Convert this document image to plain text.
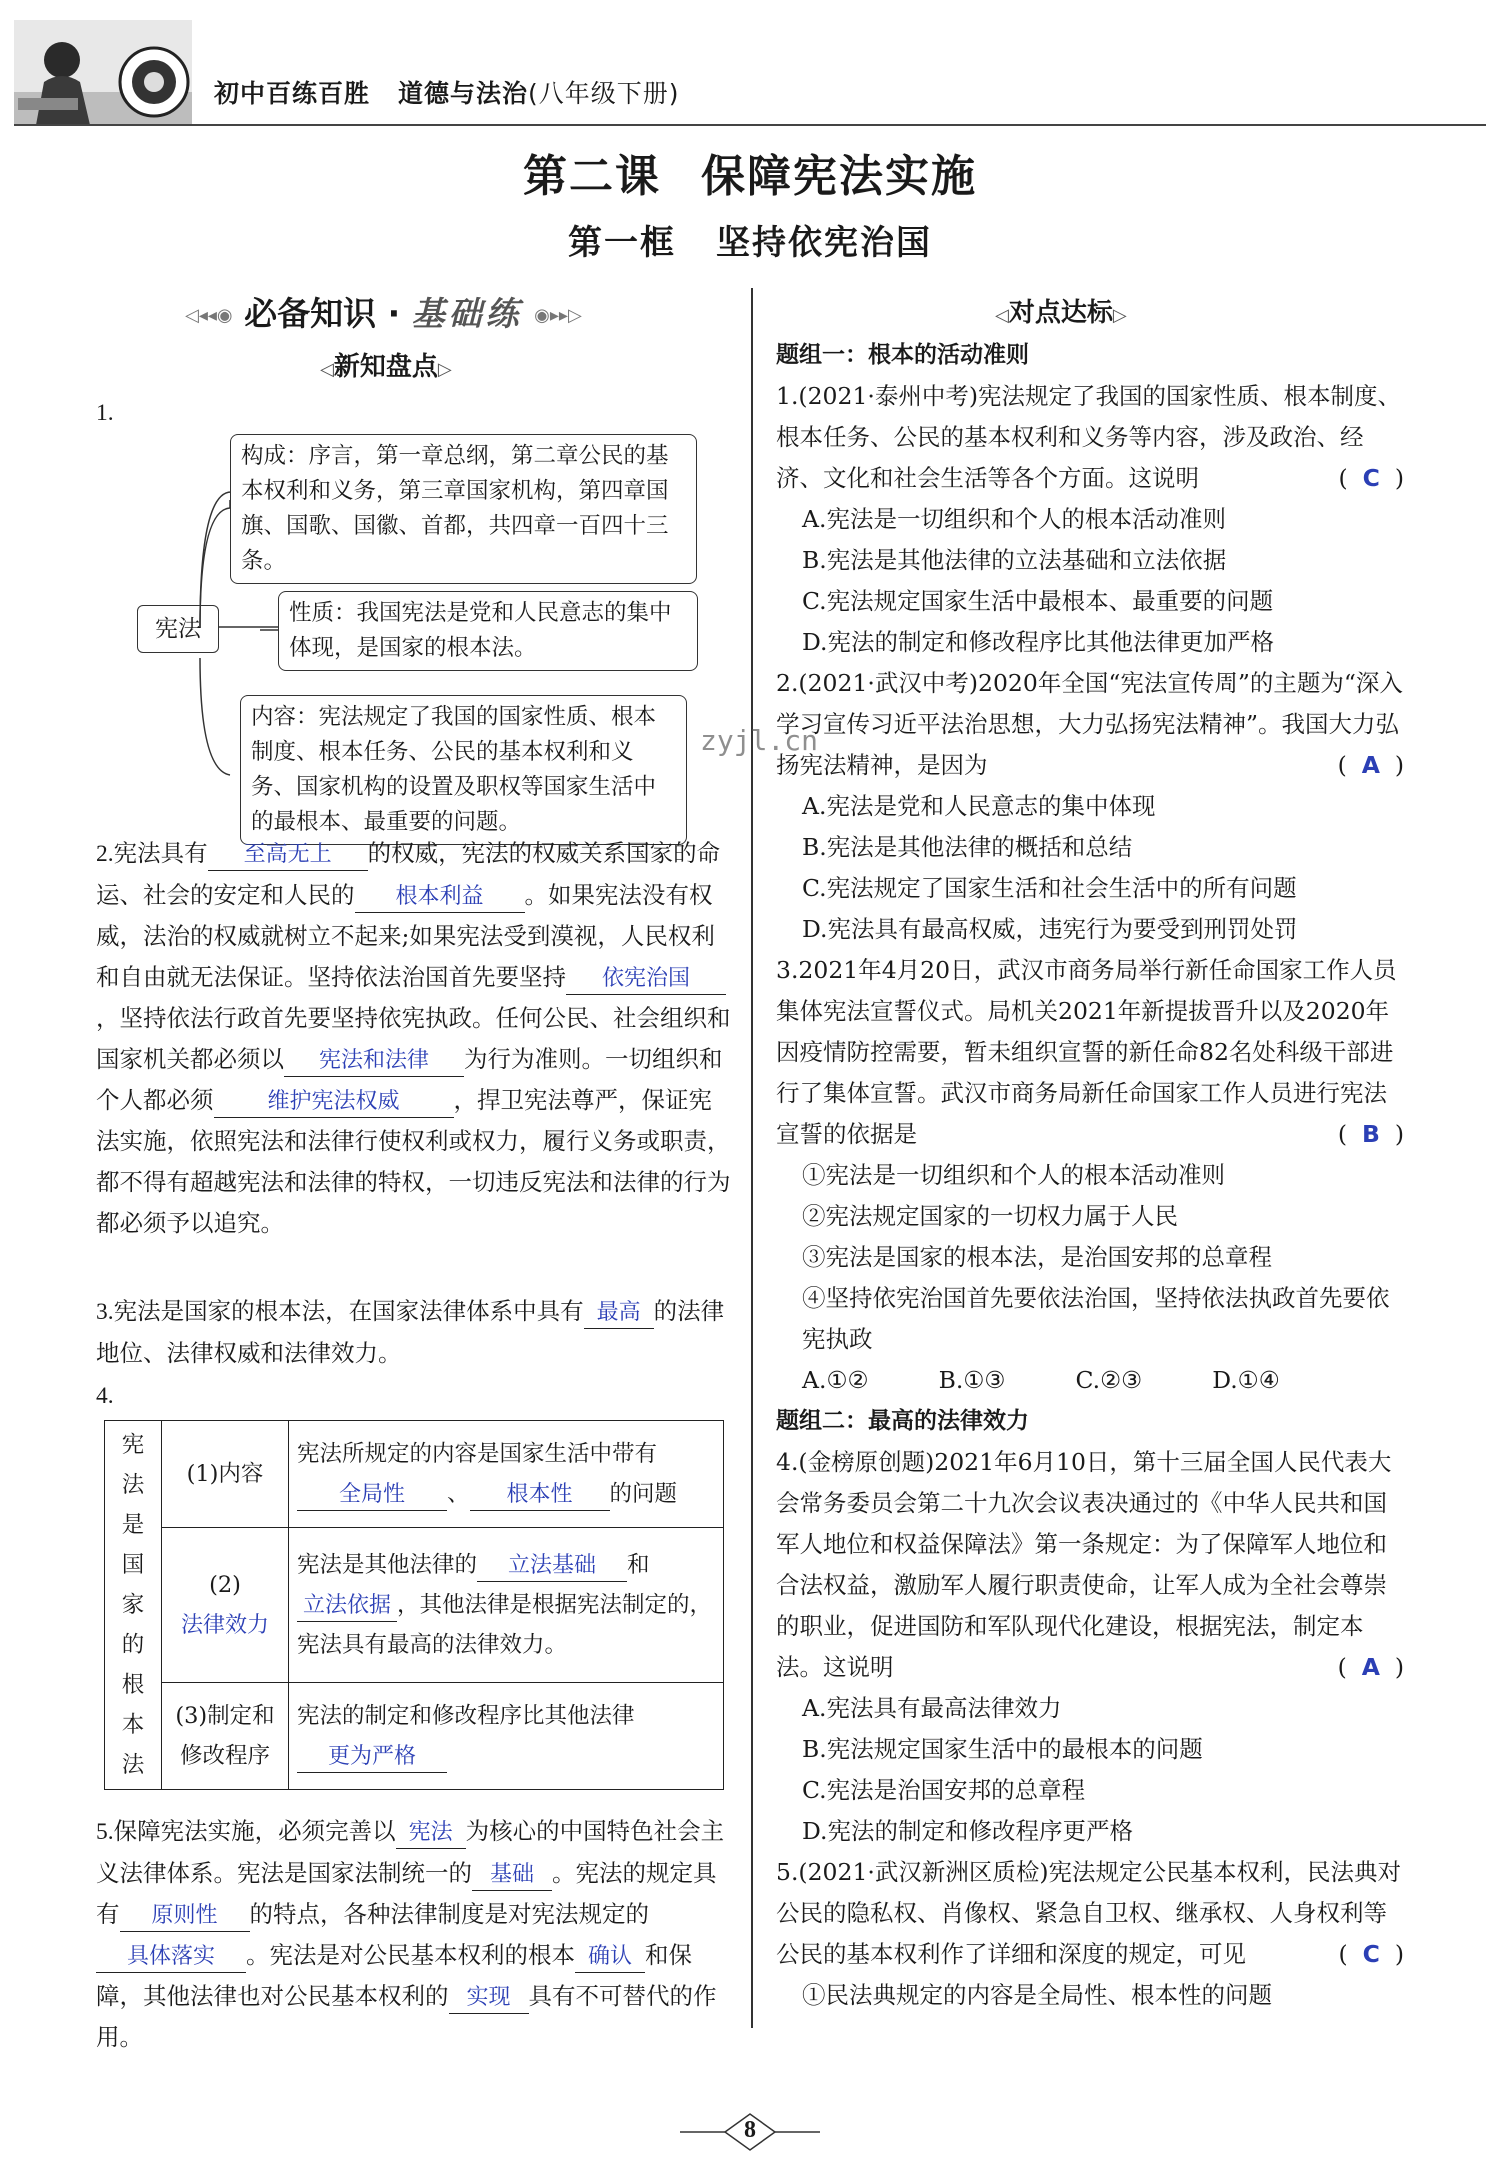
初中百练百胜 道德与法治(八年级下册)
第二课 保障宪法实施
第一框 坚持依宪治国
◁◂◂◉ 必备知识 · 基础练 ◉▸▸▷
◁新知盘点▷
1.
宪法
构成：序言，第一章总纲，第二章公民的基本权利和义务，第三章国家机构，第四章国旗、国歌、国徽、首都，共四章一百四十三条。
性质：我国宪法是党和人民意志的集中体现，是国家的根本法。
内容：宪法规定了我国的国家性质、根本制度、根本任务、公民的基本权利和义务、国家机构的设置及职权等国家生活中的最根本、最重要的问题。
zyjl.cn
2.宪法具有 至高无上 的权威，宪法的权威关系国家的命运、社会的安定和人民的 根本利益 。如果宪法没有权威，法治的权威就树立不起来;如果宪法受到漠视，人民权利和自由就无法保证。坚持依法治国首先要坚持 依宪治国，坚持依法行政首先要坚持依宪执政。任何公民、社会组织和国家机关都必须以 宪法和法律 为行为准则。一切组织和个人都必须 维护宪法权威 ，捍卫宪法尊严，保证宪法实施，依照宪法和法律行使权利或权力，履行义务或职责，都不得有超越宪法和法律的特权，一切违反宪法和法律的行为都必须予以追究。
3.宪法是国家的根本法，在国家法律体系中具有 最高 的法律地位、法律权威和法律效力。
4.
宪法是国家的根本法	(1)内容	宪法所规定的内容是国家生活中带有全局性 、 根本性 的问题
	(2)法律效力	宪法是其他法律的 立法基础 和立法依据 ，其他法律是根据宪法制定的，宪法具有最高的法律效力。
	(3)制定和修改程序	宪法的制定和修改程序比其他法律更为严格
5.保障宪法实施，必须完善以 宪法 为核心的中国特色社会主义法律体系。宪法是国家法制统一的 基础 。宪法的规定具有 原则性 的特点，各种法律制度是对宪法规定的具体落实 。宪法是对公民基本权利的根本 确认 和保障，其他法律也对公民基本权利的 实现 具有不可替代的作用。
◁对点达标▷
题组一：根本的活动准则
1.(2021·泰州中考)宪法规定了我国的国家性质、根本制度、根本任务、公民的基本权利和义务等内容，涉及政治、经济、文化和社会生活等各个方面。这说明	(  C  )
A.宪法是一切组织和个人的根本活动准则
B.宪法是其他法律的立法基础和立法依据
C.宪法规定国家生活中最根本、最重要的问题
D.宪法的制定和修改程序比其他法律更加严格
2.(2021·武汉中考)2020年全国“宪法宣传周”的主题为“深入学习宣传习近平法治思想，大力弘扬宪法精神”。我国大力弘扬宪法精神，是因为	(  A  )
A.宪法是党和人民意志的集中体现
B.宪法是其他法律的概括和总结
C.宪法规定了国家生活和社会生活中的所有问题
D.宪法具有最高权威，违宪行为要受到刑罚处罚
3.2021年4月20日，武汉市商务局举行新任命国家工作人员集体宪法宣誓仪式。局机关2021年新提拔晋升以及2020年因疫情防控需要，暂未组织宣誓的新任命82名处科级干部进行了集体宣誓。武汉市商务局新任命国家工作人员进行宪法宣誓的依据是	(  B  )
①宪法是一切组织和个人的根本活动准则
②宪法规定国家的一切权力属于人民
③宪法是国家的根本法，是治国安邦的总章程
④坚持依宪治国首先要依法治国，坚持依法执政首先要依宪执政
A.①②	B.①③	C.②③	D.①④
题组二：最高的法律效力
4.(金榜原创题)2021年6月10日，第十三届全国人民代表大会常务委员会第二十九次会议表决通过的《中华人民共和国军人地位和权益保障法》第一条规定：为了保障军人地位和合法权益，激励军人履行职责使命，让军人成为全社会尊崇的职业，促进国防和军队现代化建设，根据宪法，制定本法。这说明	(  A  )
A.宪法具有最高法律效力
B.宪法规定国家生活中的最根本的问题
C.宪法是治国安邦的总章程
D.宪法的制定和修改程序更严格
5.(2021·武汉新洲区质检)宪法规定公民基本权利，民法典对公民的隐私权、肖像权、紧急自卫权、继承权、人身权利等公民的基本权利作了详细和深度的规定，可见	(  C  )
①民法典规定的内容是全局性、根本性的问题
8
